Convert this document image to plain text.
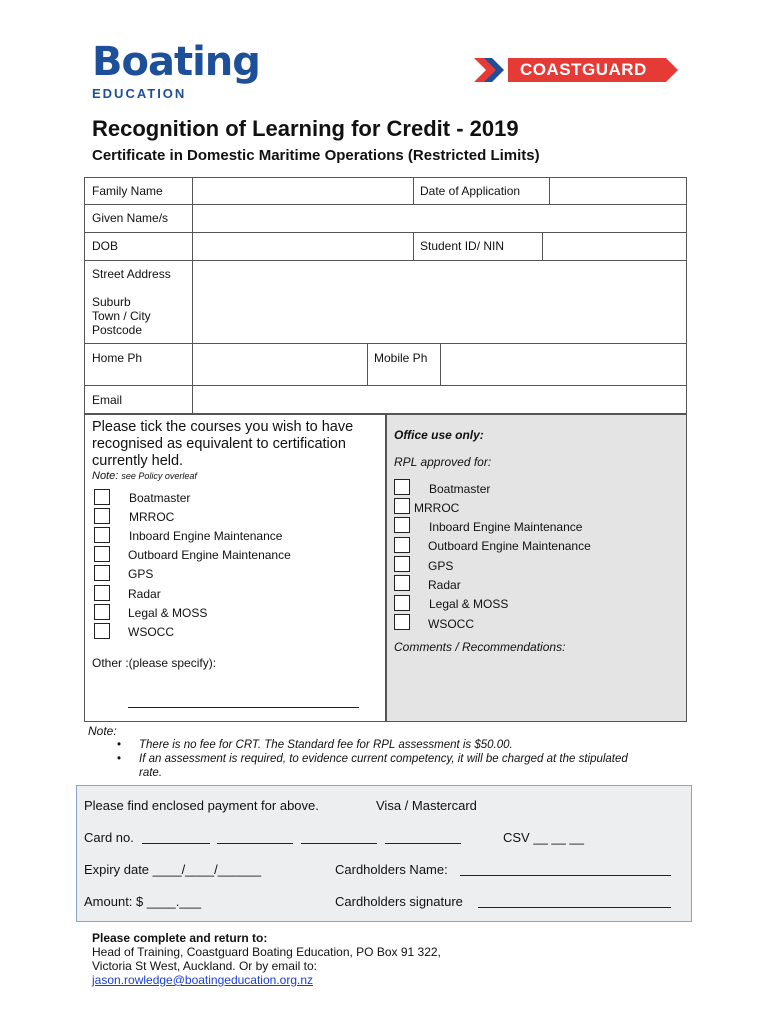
Boating
EDUCATION
COASTGUARD
Recognition of Learning for Credit - 2019
Certificate in Domestic Maritime Operations (Restricted Limits)
Family Name	Date of Application
Given Name/s
DOB	Student ID/ NIN
Street Address
Suburb
Town / City
Postcode
Home Ph	Mobile Ph
Email
Please tick the courses you wish to have recognised as equivalent to certification currently held.
Note: see Policy overleaf
Boatmaster
MRROC
Inboard Engine Maintenance
Outboard Engine Maintenance
GPS
Radar
Legal & MOSS
WSOCC
Other :(please specify):
Office use only:
RPL approved for:
Boatmaster
MRROC
Inboard Engine Maintenance
Outboard Engine Maintenance
GPS
Radar
Legal & MOSS
WSOCC
Comments / Recommendations:
Note:
• There is no fee for CRT. The Standard fee for RPL assessment is $50.00.
• If an assessment is required, to evidence current competency, it will be charged at the stipulated rate.
Please find enclosed payment for above.	Visa / Mastercard
Card no.	CSV __ __ __
Expiry date ____/____/______	Cardholders Name:
Amount: $ ____.___	Cardholders signature
Please complete and return to:
Head of Training, Coastguard Boating Education, PO Box 91 322,
Victoria St West, Auckland. Or by email to:
jason.rowledge@boatingeducation.org.nz
